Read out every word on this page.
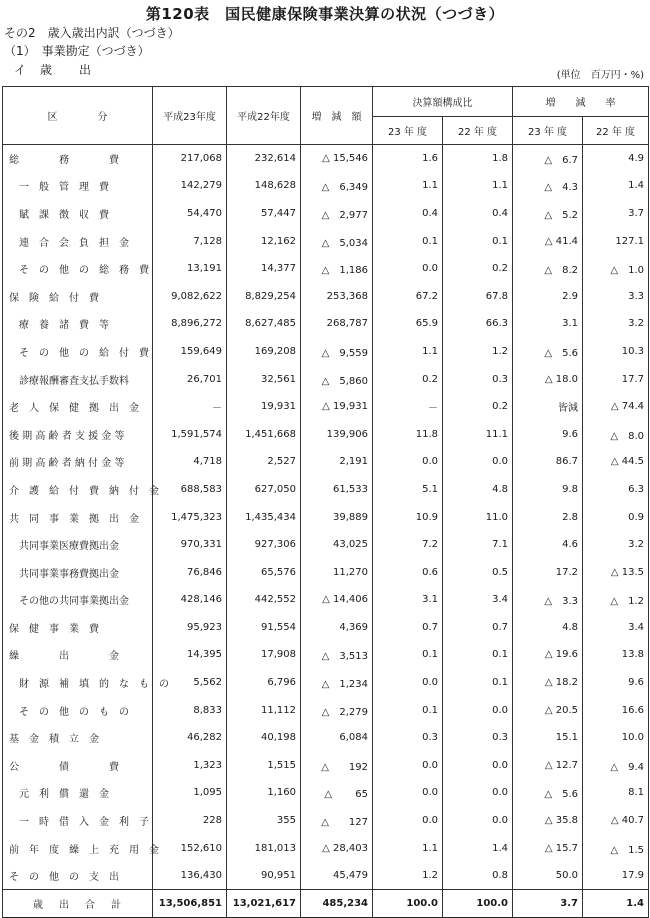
第120表　国民健康保険事業決算の状況（つづき）
その2　歳入歳出内訳（つづき）
（1）　事業勘定（つづき）
イ　歳　　出	(単位　百万円・%)
区　　　　分	平成23年度	平成22年度	増　減　額	決算額構成比		増　　減　　率	
				23 年 度	22 年 度	23 年 度	22 年 度
総　　　　務　　　　費	217,068	232,614	△ 15,546	1.6	1.8	△　6.7	4.9
一　般　管　理　費	142,279	148,628	△　6,349	1.1	1.1	△　4.3	1.4
賦　課　徴　収　費	54,470	57,447	△　2,977	0.4	0.4	△　5.2	3.7
連　合　会　負　担　金	7,128	12,162	△　5,034	0.1	0.1	△ 41.4	127.1
そ　の　他　の　総　務　費	13,191	14,377	△　1,186	0.0	0.2	△　8.2	△　1.0
保　険　給　付　費	9,082,622	8,829,254	253,368	67.2	67.8	2.9	3.3
療　養　諸　費　等	8,896,272	8,627,485	268,787	65.9	66.3	3.1	3.2
そ　の　他　の　給　付　費	159,649	169,208	△　9,559	1.1	1.2	△　5.6	10.3
診療報酬審査支払手数料	26,701	32,561	△　5,860	0.2	0.3	△ 18.0	17.7
老　人　保　健　拠　出　金	－	19,931	△ 19,931	－	0.2	皆減	△ 74.4
後 期 高 齢 者 支 援 金 等	1,591,574	1,451,668	139,906	11.8	11.1	9.6	△　8.0
前 期 高 齢 者 納 付 金 等	4,718	2,527	2,191	0.0	0.0	86.7	△ 44.5
介　護　給　付　費　納　付　金	688,583	627,050	61,533	5.1	4.8	9.8	6.3
共　同　事　業　拠　出　金	1,475,323	1,435,434	39,889	10.9	11.0	2.8	0.9
共同事業医療費拠出金	970,331	927,306	43,025	7.2	7.1	4.6	3.2
共同事業事務費拠出金	76,846	65,576	11,270	0.6	0.5	17.2	△ 13.5
その他の共同事業拠出金	428,146	442,552	△ 14,406	3.1	3.4	△　3.3	△　1.2
保　健　事　業　費	95,923	91,554	4,369	0.7	0.7	4.8	3.4
繰　　　　出　　　　金	14,395	17,908	△　3,513	0.1	0.1	△ 19.6	13.8
財　源　補　填　的　な　も　の	5,562	6,796	△　1,234	0.0	0.1	△ 18.2	9.6
そ　の　他　の　も　の	8,833	11,112	△　2,279	0.1	0.0	△ 20.5	16.6
基　金　積　立　金	46,282	40,198	6,084	0.3	0.3	15.1	10.0
公　　　　債　　　　費	1,323	1,515	△　　192	0.0	0.0	△ 12.7	△　9.4
元　利　償　還　金	1,095	1,160	△　　 65	0.0	0.0	△　5.6	8.1
一　時　借　入　金　利　子	228	355	△　　127	0.0	0.0	△ 35.8	△ 40.7
前　年　度　繰　上　充　用　金	152,610	181,013	△ 28,403	1.1	1.4	△ 15.7	△　1.5
そ　の　他　の　支　出	136,430	90,951	45,479	1.2	0.8	50.0	17.9
歳　出　合　計	13,506,851	13,021,617	485,234	100.0	100.0	3.7	1.4
